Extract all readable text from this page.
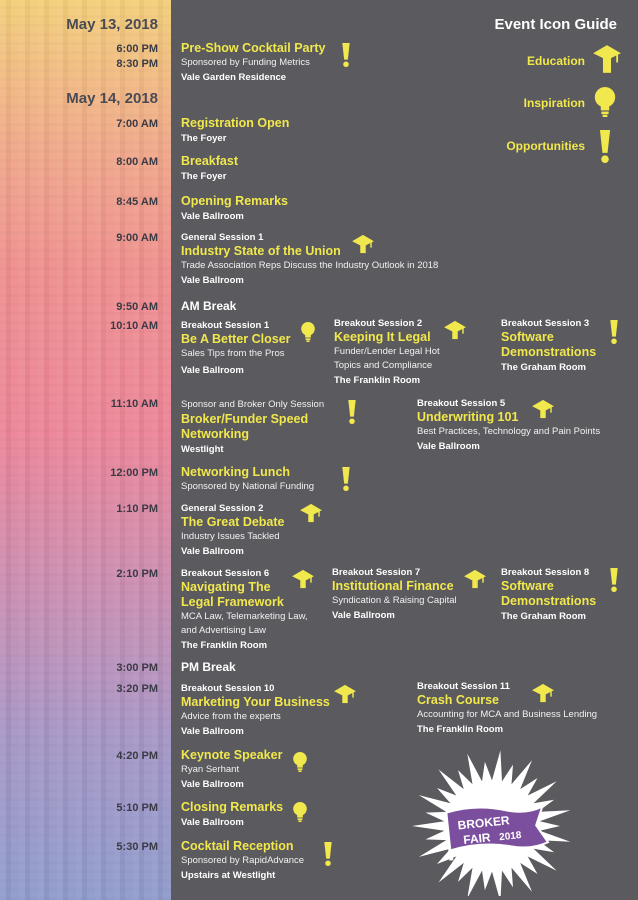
May 13, 2018
May 14, 2018
6:00 PM
8:30 PM
7:00 AM
8:00 AM
8:45 AM
9:00 AM
9:50 AM
10:10 AM
11:10 AM
12:00 PM
1:10 PM
2:10 PM
3:00 PM
3:20 PM
4:20 PM
5:10 PM
5:30 PM
Pre-Show Cocktail Party
Sponsored by Funding Metrics
Vale Garden Residence
Registration Open
The Foyer
Breakfast
The Foyer
Opening Remarks
Vale Ballroom
General Session 1
Industry State of the Union
Trade Association Reps Discuss the Industry Outlook in 2018
Vale Ballroom
AM Break
Breakout Session 1
Be A Better Closer
Sales Tips from the Pros
Vale Ballroom
Breakout Session 2
Keeping It Legal
Funder/Lender Legal Hot
Topics and Compliance
The Franklin Room
Breakout Session 3
Software
Demonstrations
The Graham Room
Sponsor and Broker Only Session
Broker/Funder Speed
Networking
Westlight
Breakout Session 5
Underwriting 101
Best Practices, Technology and Pain Points
Vale Ballroom
Networking Lunch
Sponsored by National Funding
General Session 2
The Great Debate
Industry Issues Tackled
Vale Ballroom
Breakout Session 6
Navigating The
Legal Framework
MCA Law, Telemarketing Law,
and Advertising Law
The Franklin Room
Breakout Session 7
Institutional Finance
Syndication & Raising Capital
Vale Ballroom
Breakout Session 8
Software
Demonstrations
The Graham Room
PM Break
Breakout Session 10
Marketing Your Business
Advice from the experts
Vale Ballroom
Breakout Session 11
Crash Course
Accounting for MCA and Business Lending
The Franklin Room
Keynote Speaker
Ryan Serhant
Vale Ballroom
Closing Remarks
Vale Ballroom
Cocktail Reception
Sponsored by RapidAdvance
Upstairs at Westlight
Event Icon Guide
Education
Inspiration
Opportunities
BROKER
FAIR 2018
